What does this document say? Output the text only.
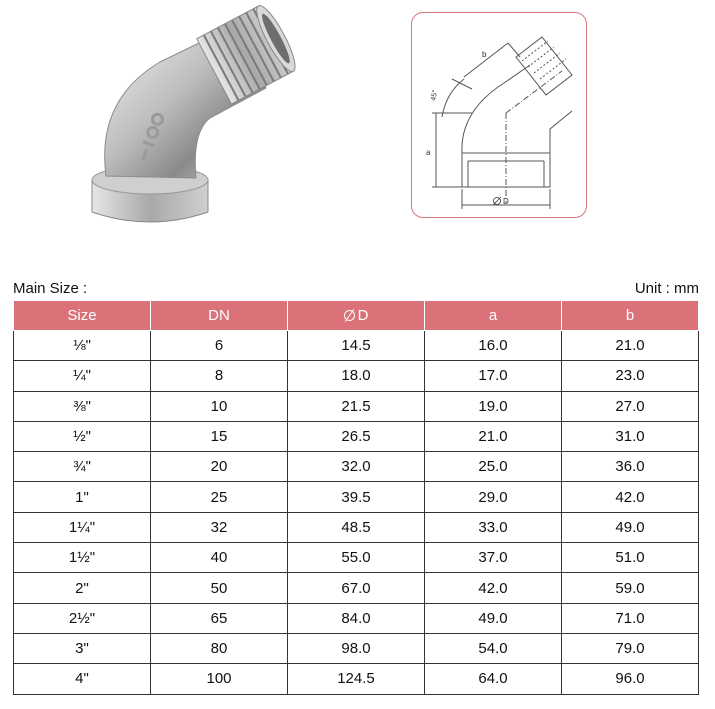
b
45°
a
D
Main Size :	Unit : mm
Size	DN	D	a	b
⅛"	6	14.5	16.0	21.0
¼"	8	18.0	17.0	23.0
⅜"	10	21.5	19.0	27.0
½"	15	26.5	21.0	31.0
¾"	20	32.0	25.0	36.0
1"	25	39.5	29.0	42.0
1¼"	32	48.5	33.0	49.0
1½"	40	55.0	37.0	51.0
2"	50	67.0	42.0	59.0
2½"	65	84.0	49.0	71.0
3"	80	98.0	54.0	79.0
4"	100	124.5	64.0	96.0
